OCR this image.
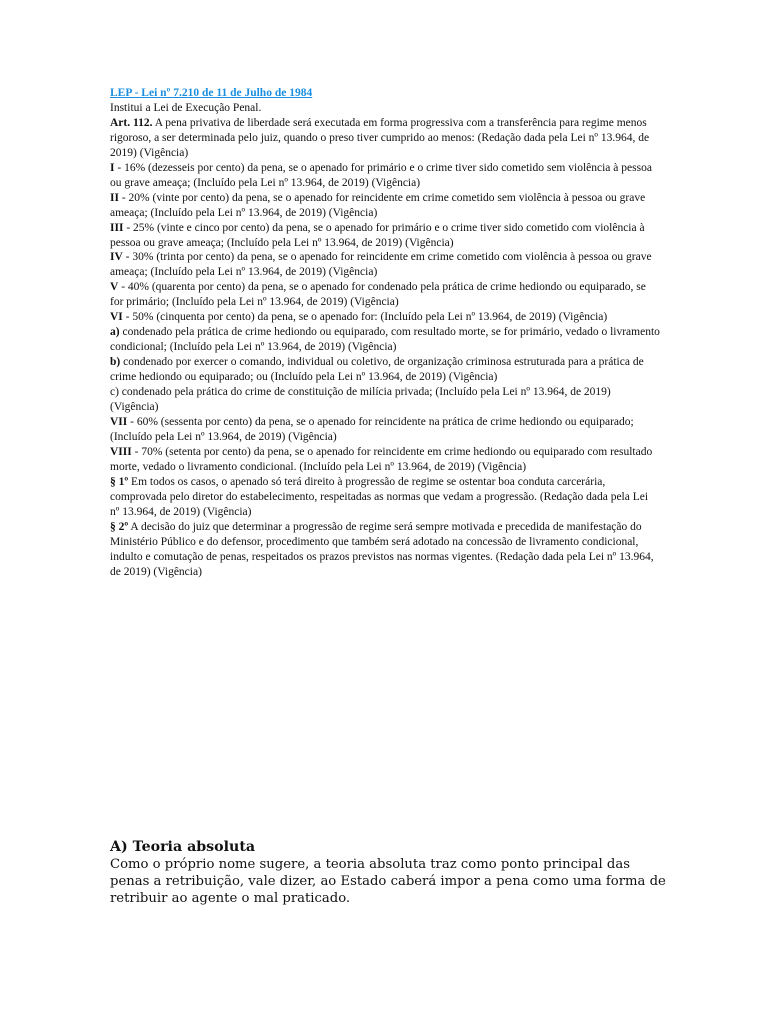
LEP - Lei nº 7.210 de 11 de Julho de 1984

Institui a Lei de Execução Penal.

Art. 112. A pena privativa de liberdade será executada em forma progressiva com a transferência para regime menos rigoroso, a ser determinada pelo juiz, quando o preso tiver cumprido ao menos: (Redação dada pela Lei nº 13.964, de 2019) (Vigência)

I - 16% (dezesseis por cento) da pena, se o apenado for primário e o crime tiver sido cometido sem violência à pessoa ou grave ameaça; (Incluído pela Lei nº 13.964, de 2019) (Vigência)

II - 20% (vinte por cento) da pena, se o apenado for reincidente em crime cometido sem violência à pessoa ou grave ameaça; (Incluído pela Lei nº 13.964, de 2019) (Vigência)

III - 25% (vinte e cinco por cento) da pena, se o apenado for primário e o crime tiver sido cometido com violência à pessoa ou grave ameaça; (Incluído pela Lei nº 13.964, de 2019) (Vigência)

IV - 30% (trinta por cento) da pena, se o apenado for reincidente em crime cometido com violência à pessoa ou grave ameaça; (Incluído pela Lei nº 13.964, de 2019) (Vigência)

V - 40% (quarenta por cento) da pena, se o apenado for condenado pela prática de crime hediondo ou equiparado, se for primário; (Incluído pela Lei nº 13.964, de 2019) (Vigência)

VI - 50% (cinquenta por cento) da pena, se o apenado for: (Incluído pela Lei nº 13.964, de 2019) (Vigência)

a) condenado pela prática de crime hediondo ou equiparado, com resultado morte, se for primário, vedado o livramento condicional; (Incluído pela Lei nº 13.964, de 2019) (Vigência)

b) condenado por exercer o comando, individual ou coletivo, de organização criminosa estruturada para a prática de crime hediondo ou equiparado; ou (Incluído pela Lei nº 13.964, de 2019) (Vigência)

c) condenado pela prática do crime de constituição de milícia privada; (Incluído pela Lei nº 13.964, de 2019) (Vigência)

VII - 60% (sessenta por cento) da pena, se o apenado for reincidente na prática de crime hediondo ou equiparado; (Incluído pela Lei nº 13.964, de 2019) (Vigência)

VIII - 70% (setenta por cento) da pena, se o apenado for reincidente em crime hediondo ou equiparado com resultado morte, vedado o livramento condicional. (Incluído pela Lei nº 13.964, de 2019) (Vigência)

§ 1º Em todos os casos, o apenado só terá direito à progressão de regime se ostentar boa conduta carcerária, comprovada pelo diretor do estabelecimento, respeitadas as normas que vedam a progressão. (Redação dada pela Lei nº 13.964, de 2019) (Vigência)

§ 2º A decisão do juiz que determinar a progressão de regime será sempre motivada e precedida de manifestação do Ministério Público e do defensor, procedimento que também será adotado na concessão de livramento condicional, indulto e comutação de penas, respeitados os prazos previstos nas normas vigentes. (Redação dada pela Lei nº 13.964, de 2019) (Vigência)

A) Teoria absoluta

Como o próprio nome sugere, a teoria absoluta traz como ponto principal das penas a retribuição, vale dizer, ao Estado caberá impor a pena como uma forma de retribuir ao agente o mal praticado.
